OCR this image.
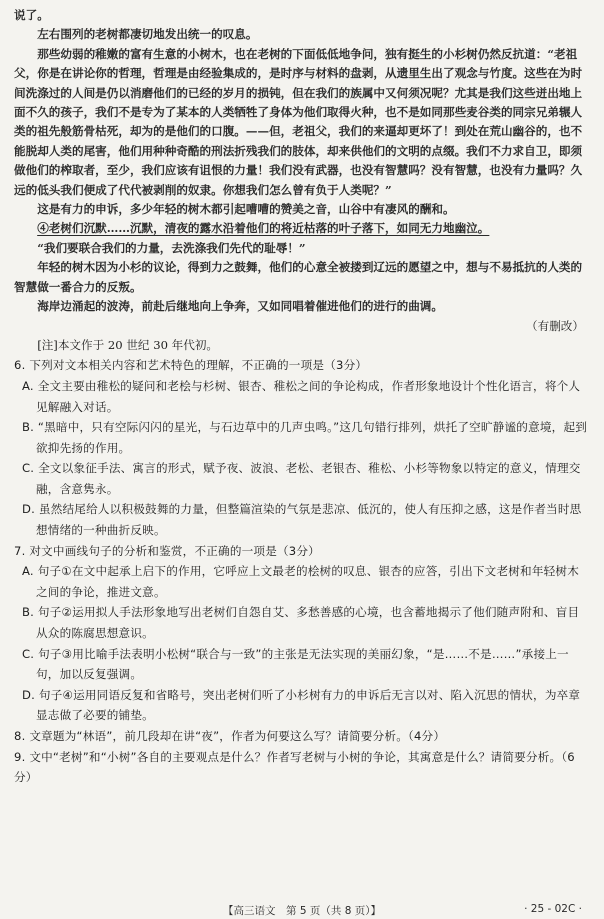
说了。

左右围列的老树都凄切地发出统一的叹息。

那些幼弱的稚嫩的富有生意的小树木，也在老树的下面低低地争问，独有挺生的小杉树仍然反抗道：“老祖父，你是在讲论你的哲理，哲理是由经验集成的，是时序与材料的盘剥，从遗里生出了观念与竹度。这些在为时间洗涤过的人间是仍以消磨他们的已经的岁月的损钝，但在我们的族属中又何须况呢？尤其是我们这些迸出地上面不久的孩子，我们不是专为了某本的人类牺牲了身体为他们取得火种，也不是如同那些麦谷类的同宗兄弟辗人类的祖先般筋骨枯死，却为的是他们的口腹。——但，老祖父，我们的来逼却更坏了！到处在荒山幽谷的，也不能脱却人类的尾害，他们用种种奇酷的刑法折残我们的肢体，却来供他们的文明的点缀。我们不力求自卫，即须做他们的榨取者，至少，我们应该有诅恨的力量！我们没有武器，也没有智慧吗？没有智慧，也没有力量吗？久远的低头我们便成了代代被剥削的奴隶。你想我们怎么曾有负于人类呢？”

这是有力的申诉，多少年轻的树木都引起嘈嘈的赞美之音，山谷中有凄风的酬和。

④老树们沉默……沉默，清夜的露水沿着他们的将近枯落的叶子落下，如同无力地幽泣。

“我们要联合我们的力量，去洗涤我们先代的耻辱！”

年轻的树木因为小杉的议论，得到力之鼓舞，他们的心意全被搂到辽远的愿望之中，想与不易抵抗的人类的智慧做一番合力的反叛。

海岸边涌起的波涛，前赴后继地向上争奔，又如同唱着催进他们的进行的曲调。

（有删改）

[注]本文作于 20 世纪 30 年代初。

6. 下列对文本相关内容和艺术特色的理解，不正确的一项是（3分）

A. 全文主要由稚松的疑问和老桧与杉树、银杏、稚松之间的争论构成，作者形象地设计个性化语言，将个人见解融入对话。

B. “黑暗中，只有空际闪闪的星光，与石边草中的几声虫鸣。”这几句错行排列，烘托了空旷静谧的意境，起到欲抑先扬的作用。

C. 全文以象征手法、寓言的形式，赋予夜、波浪、老松、老银杏、稚松、小杉等物象以特定的意义，情理交融，含意隽永。

D. 虽然结尾给人以积极鼓舞的力量，但整篇渲染的气氛是悲凉、低沉的，使人有压抑之感，这是作者当时思想情绪的一种曲折反映。

7. 对文中画线句子的分析和鉴赏，不正确的一项是（3分）

A. 句子①在文中起承上启下的作用，它呼应上文最老的桧树的叹息、银杏的应答，引出下文老树和年轻树木之间的争论，推进文意。

B. 句子②运用拟人手法形象地写出老树们自怨自艾、多愁善感的心境，也含蓄地揭示了他们随声附和、盲目从众的陈腐思想意识。

C. 句子③用比喻手法表明小松树“联合与一致”的主张是无法实现的美丽幻象，“是……不是……”承接上一句，加以反复强调。

D. 句子④运用同语反复和省略号，突出老树们听了小杉树有力的申诉后无言以对、陷入沉思的情状，为卒章显志做了必要的铺垫。

8. 文章题为“林语”，前几段却在讲“夜”，作者为何要这么写？请简要分析。（4分）

9. 文中“老树”和“小树”各自的主要观点是什么？作者写老树与小树的争论，其寓意是什么？请简要分析。（6分）

【高三语文　第 5 页（共 8 页）】	· 25 - 02C ·
